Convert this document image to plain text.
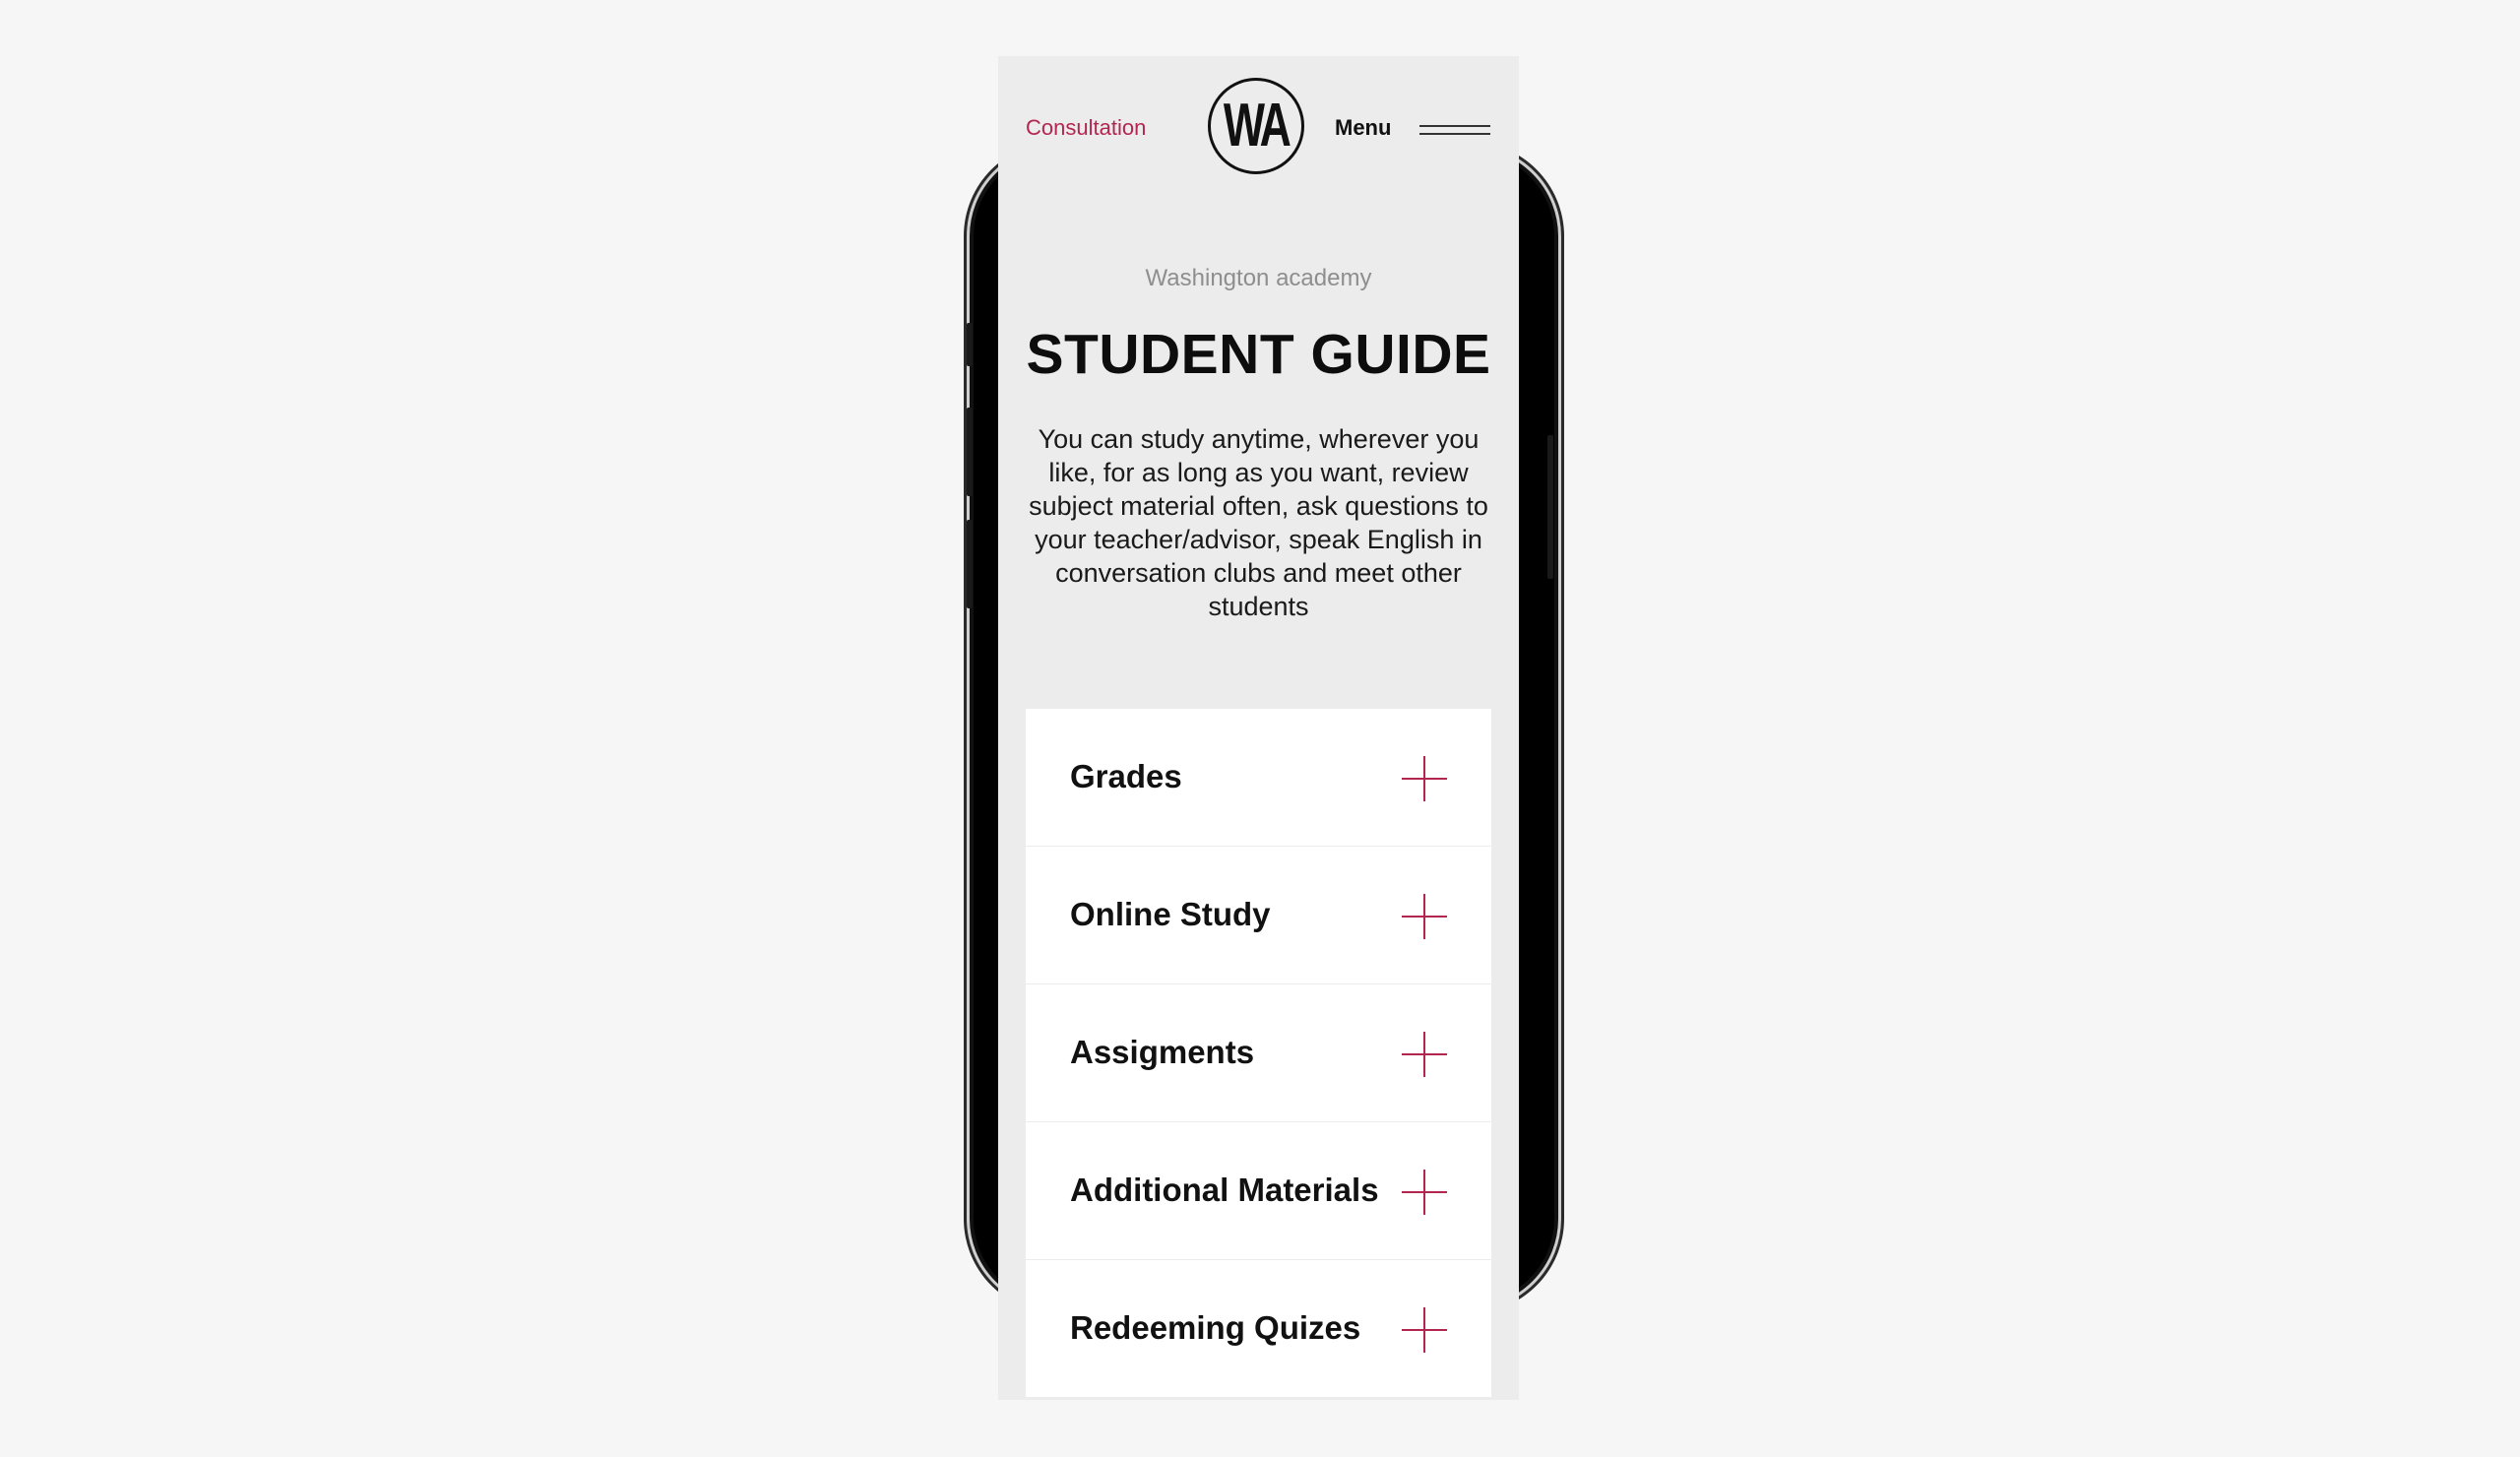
Consultation WA Menu
Washington academy
STUDENT GUIDE
You can study anytime, wherever you like, for as long as you want, review subject material often, ask questions to your teacher/advisor, speak English in conversation clubs and meet other students
Grades
Online Study
Assigments
Additional Materials
Redeeming Quizes
